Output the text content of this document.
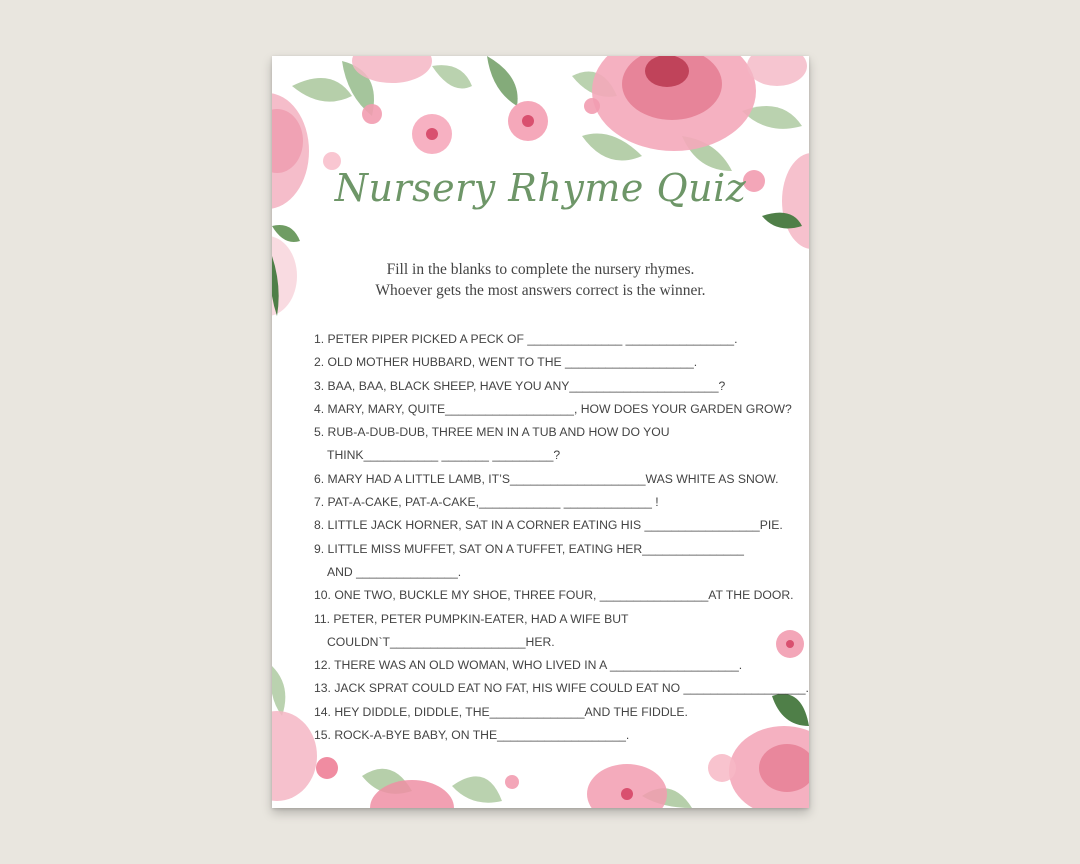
Nursery Rhyme Quiz
Fill in the blanks to complete the nursery rhymes.
Whoever gets the most answers correct is the winner.
1. PETER PIPER PICKED A PECK OF ______________ ________________.
2. OLD MOTHER HUBBARD, WENT TO THE ___________________.
3. BAA, BAA, BLACK SHEEP, HAVE YOU ANY______________________?
4. MARY, MARY, QUITE___________________, HOW DOES YOUR GARDEN GROW?
5. RUB-A-DUB-DUB, THREE MEN IN A TUB AND HOW DO YOU
THINK___________ _______ _________?
6. MARY HAD A LITTLE LAMB, IT’S____________________WAS WHITE AS SNOW.
7. PAT-A-CAKE, PAT-A-CAKE,____________ _____________ !
8. LITTLE JACK HORNER, SAT IN A CORNER EATING HIS _________________PIE.
9. LITTLE MISS MUFFET, SAT ON A TUFFET, EATING HER_______________
AND _______________.
10. ONE TWO, BUCKLE MY SHOE, THREE FOUR, ________________AT THE DOOR.
11. PETER, PETER PUMPKIN-EATER, HAD A WIFE BUT
COULDN`T____________________HER.
12. THERE WAS AN OLD WOMAN, WHO LIVED IN A ___________________.
13. JACK SPRAT COULD EAT NO FAT, HIS WIFE COULD EAT NO __________________.
14. HEY DIDDLE, DIDDLE, THE______________AND THE FIDDLE.
15. ROCK-A-BYE BABY, ON THE___________________.
